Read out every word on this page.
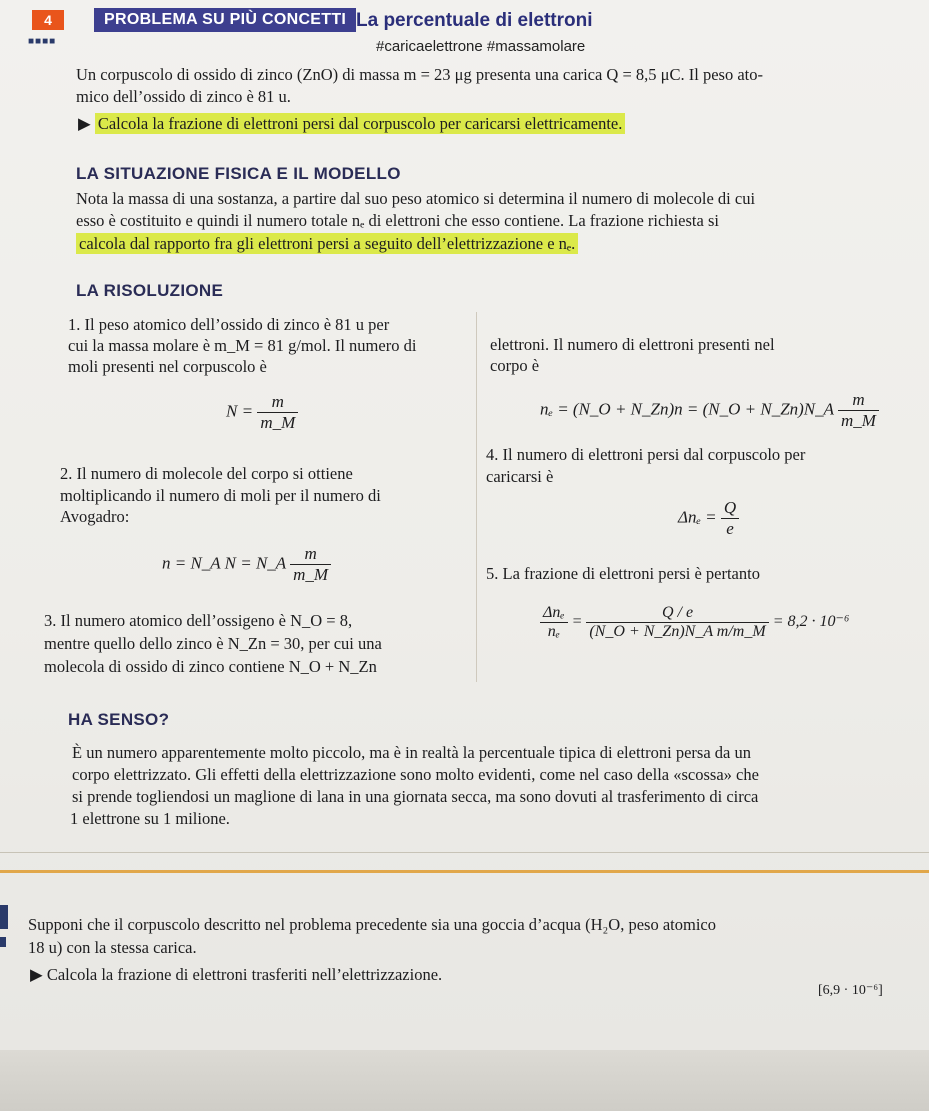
4
■■■■
PROBLEMA SU PIÙ CONCETTI La percentuale di elettroni
#caricaelettrone #massamolare
Un corpuscolo di ossido di zinco (ZnO) di massa m = 23 μg presenta una carica Q = 8,5 μC. Il peso ato-
mico dell’ossido di zinco è 81 u.
▶ Calcola la frazione di elettroni persi dal corpuscolo per caricarsi elettricamente.
LA SITUAZIONE FISICA E IL MODELLO
Nota la massa di una sostanza, a partire dal suo peso atomico si determina il numero di molecole di cui
esso è costituito e quindi il numero totale nₑ di elettroni che esso contiene. La frazione richiesta si
calcola dal rapporto fra gli elettroni persi a seguito dell’elettrizzazione e nₑ.
LA RISOLUZIONE
1. Il peso atomico dell’ossido di zinco è 81 u per
cui la massa molare è m_M = 81 g/mol. Il numero di
moli presenti nel corpuscolo è
$N = \frac{m}{m\_M}$
2. Il numero di molecole del corpo si ottiene
moltiplicando il numero di moli per il numero di
Avogadro:
n = N_A N = N_A $\frac{m}{m\_M}$
3. Il numero atomico dell’ossigeno è N_O = 8,
mentre quello dello zinco è N_Zn = 30, per cui una
molecola di ossido di zinco contiene N_O + N_Zn
elettroni. Il numero di elettroni presenti nel
corpo è
nₑ = (N_O + N_Zn)n = (N_O + N_Zn)N_A $\frac{m}{m\_M}$
4. Il numero di elettroni persi dal corpuscolo per
caricarsi è
$\Delta n_e = \frac{Q}{e}$
5. La frazione di elettroni persi è pertanto
$\frac{\text{Δnₑ}}{\text{nₑ}} = \frac{Q / e}{\text{(N\_O + N\_Zn)N\_A m/m\_M}} = 8,2 \cdot 10^{-6}$
HA SENSO?
È un numero apparentemente molto piccolo, ma è in realtà la percentuale tipica di elettroni persa da un
corpo elettrizzato. Gli effetti della elettrizzazione sono molto evidenti, come nel caso della «scossa» che
si prende togliendosi un maglione di lana in una giornata secca, ma sono dovuti al trasferimento di circa
1 elettrone su 1 milione.
Supponi che il corpuscolo descritto nel problema precedente sia una goccia d’acqua (H₂O, peso atomico
18 u) con la stessa carica.
▶ Calcola la frazione di elettroni trasferiti nell’elettrizzazione.
[6,9 · 10⁻⁶]
